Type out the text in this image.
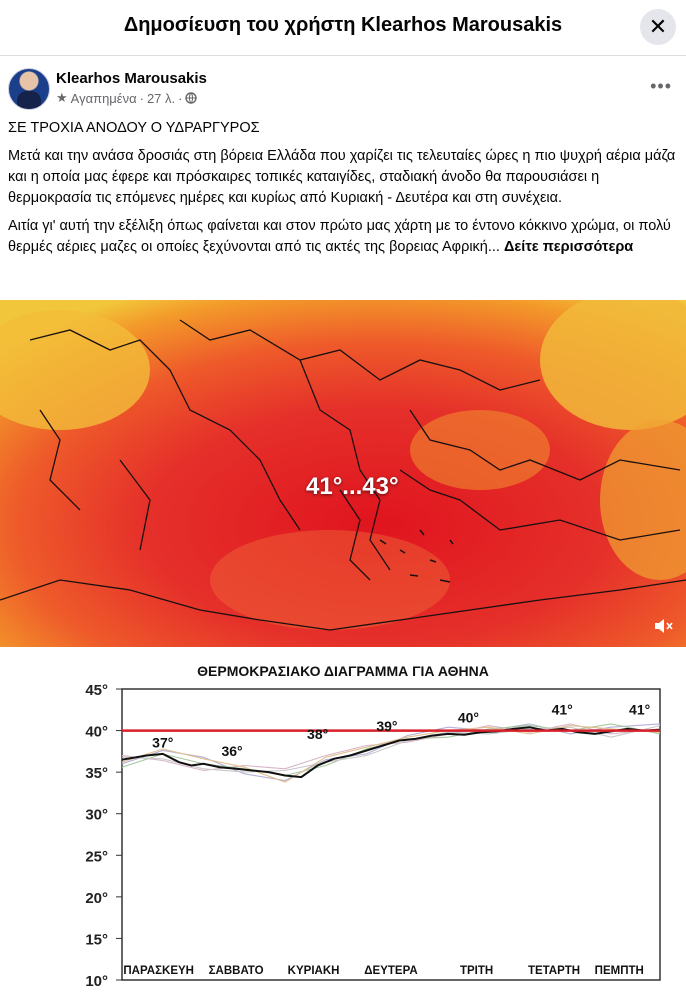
Δημοσίευση του χρήστη Klearhos Marousakis	✕
Klearhos Marousakis
★ Αγαπημένα · 27 λ. ·
•••

ΣΕ ΤΡΟΧΙΑ ΑΝΟΔΟΥ Ο ΥΔΡΑΡΓΥΡΟΣ

Μετά και την ανάσα δροσιάς στη βόρεια Ελλάδα που χαρίζει τις τελευταίες ώρες η πιο ψυχρή αέρια μάζα και η οποία μας έφερε και πρόσκαιρες τοπικές καταιγίδες, σταδιακή άνοδο θα παρουσιάσει η θερμοκρασία τις επόμενες ημέρες και κυρίως από Κυριακή - Δευτέρα και στη συνέχεια.

Αιτία γι' αυτή την εξέλιξη όπως φαίνεται και στον πρώτο μας χάρτη με το έντονο κόκκινο χρώμα, οι πολύ θερμές αέριες μαζες οι οποίες ξεχύνονται από τις ακτές της βορειας Αφρική... Δείτε περισσότερα

41°...43°
ΘΕΡΜΟΚΡΑΣΙΑΚΟ ΔΙΑΓΡΑΜΜΑ ΓΙΑ ΑΘΗΝΑ
45°
40°
35°
30°
25°
20°
15°
10°
ΠΑΡΑΣΚΕΥΗ ΣΑΒΒΑΤΟ ΚΥΡΙΑΚΗ ΔΕΥΤΕΡΑ	ΤΡΙΤΗ	ΤΕΤΑΡΤΗ ΠΕΜΠΤΗ
37°
36°
38°
39°
40°
41°	41°
